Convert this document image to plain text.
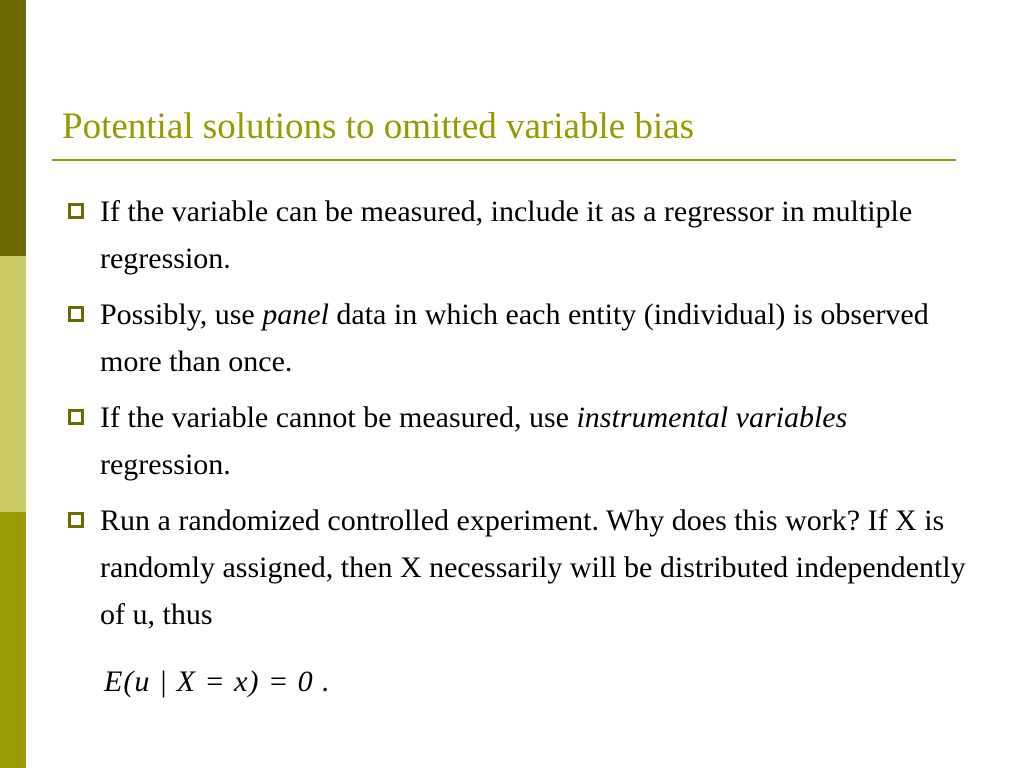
Potential solutions to omitted variable bias
If the variable can be measured, include it as a regressor in multiple regression.
Possibly, use panel data in which each entity (individual) is observed more than once.
If the variable cannot be measured, use instrumental variables regression.
Run a randomized controlled experiment. Why does this work? If X is randomly assigned, then X necessarily will be distributed independently of u, thus
E(u | X = x) = 0 .
